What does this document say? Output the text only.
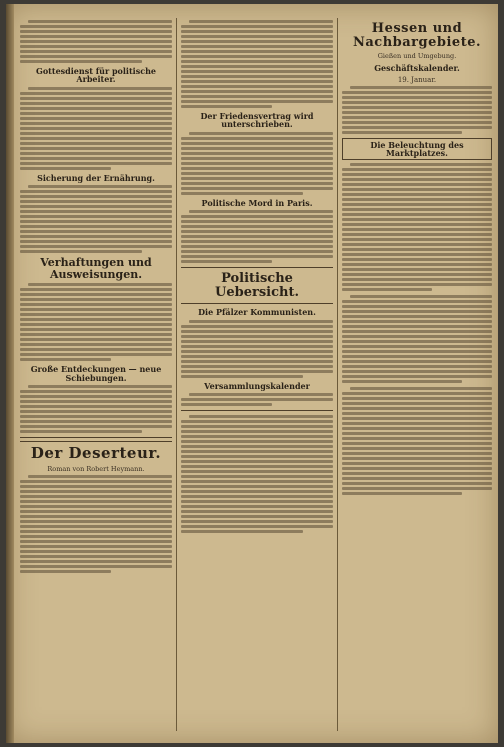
Gottesdienst für politische Arbeiter.
Sicherung der Ernährung.
Verhaftungen und Ausweisungen.
Große Entdeckungen — neue Schiebungen.
Der Deserteur.
Roman von Robert Heymann.
Der Friedensvertrag wird unterschrieben.
Politische Mord in Paris.
Politische Uebersicht.
Die Pfälzer Kommunisten.
Versammlungskalender
Hessen und Nachbargebiete.
Gießen und Umgebung.
Geschäftskalender.
19. Januar.
Die Beleuchtung des Marktplatzes.
